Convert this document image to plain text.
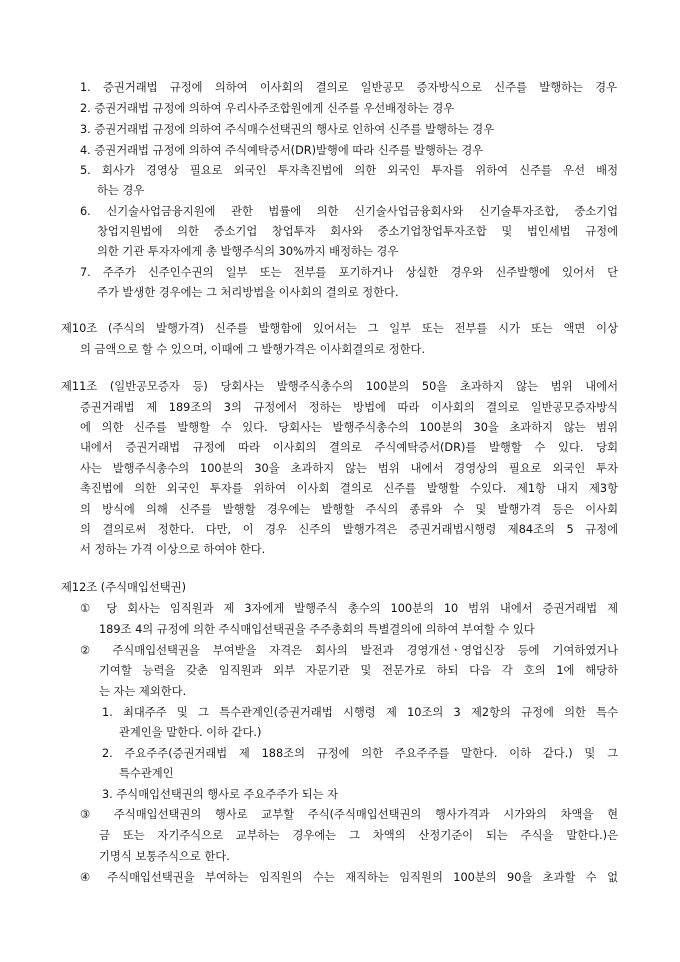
1. 증권거래법 규정에 의하여 이사회의 결의로 일반공모 증자방식으로 신주를 발행하는 경우
2. 증권거래법 규정에 의하여 우리사주조합원에게 신주를 우선배정하는 경우
3. 증권거래법 규정에 의하여 주식매수선택권의 행사로 인하여 신주를 발행하는 경우
4. 증권거래법 규정에 의하여 주식예탁증서(DR)발행에 따라 신주를 발행하는 경우
5. 회사가 경영상 필요로 외국인 투자촉진법에 의한 외국인 투자를 위하여 신주를 우선 배정
하는 경우
6. 신기술사업금융지원에 관한 법률에 의한 신기술사업금융회사와 신기술투자조합, 중소기업
창업지원법에 의한 중소기업 창업투자 회사와 중소기업창업투자조합 및 법인세법 규정에
의한 기관 투자자에게 총 발행주식의 30%까지 배정하는 경우
7. 주주가 신주인수권의 일부 또는 전부를 포기하거나 상실한 경우와 신주발행에 있어서 단
주가 발생한 경우에는 그 처리방법을 이사회의 결의로 정한다.
제10조 (주식의 발행가격) 신주를 발행함에 있어서는 그 일부 또는 전부를 시가 또는 액면 이상
의 금액으로 할 수 있으며, 이때에 그 발행가격은 이사회결의로 정한다.
제11조 (일반공모증자 등) 당회사는 발행주식총수의 100분의 50을 초과하지 않는 범위 내에서
증권거래법 제 189조의 3의 규정에서 정하는 방법에 따라 이사회의 결의로 일반공모증자방식
에 의한 신주를 발행할 수 있다. 당회사는 발행주식총수의 100분의 30을 초과하지 않는 범위
내에서 증권거래법 규정에 따라 이사회의 결의로 주식예탁증서(DR)를 발행할 수 있다. 당회
사는 발행주식총수의 100분의 30을 초과하지 않는 범위 내에서 경영상의 필요로 외국인 투자
촉진법에 의한 외국인 투자를 위하여 이사회 결의로 신주를 발행할 수있다. 제1항 내지 제3항
의 방식에 의해 신주를 발행할 경우에는 발행할 주식의 종류와 수 및 발행가격 등은 이사회
의 결의로써 정한다. 다만, 이 경우 신주의 발행가격은 증권거래법시행령 제84조의 5 규정에
서 정하는 가격 이상으로 하여야 한다.
제12조 (주식매입선택권)
① 당 회사는 임직원과 제 3자에게 발행주식 총수의 100분의 10 범위 내에서 증권거래법 제
189조 4의 규정에 의한 주식매입선택권을 주주총회의 특별결의에 의하여 부여할 수 있다
② 주식매입선택권을 부여받을 자격은 회사의 발전과 경영개선ㆍ영업신장 등에 기여하였거나
기여할 능력을 갖춘 임직원과 외부 자문기관 및 전문가로 하되 다음 각 호의 1에 해당하
는 자는 제외한다.
1. 최대주주 및 그 특수관계인(증권거래법 시행령 제 10조의 3 제2항의 규정에 의한 특수
관계인을 말한다. 이하 같다.)
2. 주요주주(증권거래법 제 188조의 규정에 의한 주요주주를 말한다. 이하 같다.) 및 그
특수관계인
3. 주식매입선택권의 행사로 주요주주가 되는 자
③ 주식매입선택권의 행사로 교부할 주식(주식매입선택권의 행사가격과 시가와의 차액을 현
금 또는 자기주식으로 교부하는 경우에는 그 차액의 산정기준이 되는 주식을 말한다.)은
기명식 보통주식으로 한다.
④ 주식매입선택권을 부여하는 임직원의 수는 재직하는 임직원의 100분의 90을 초과할 수 없
